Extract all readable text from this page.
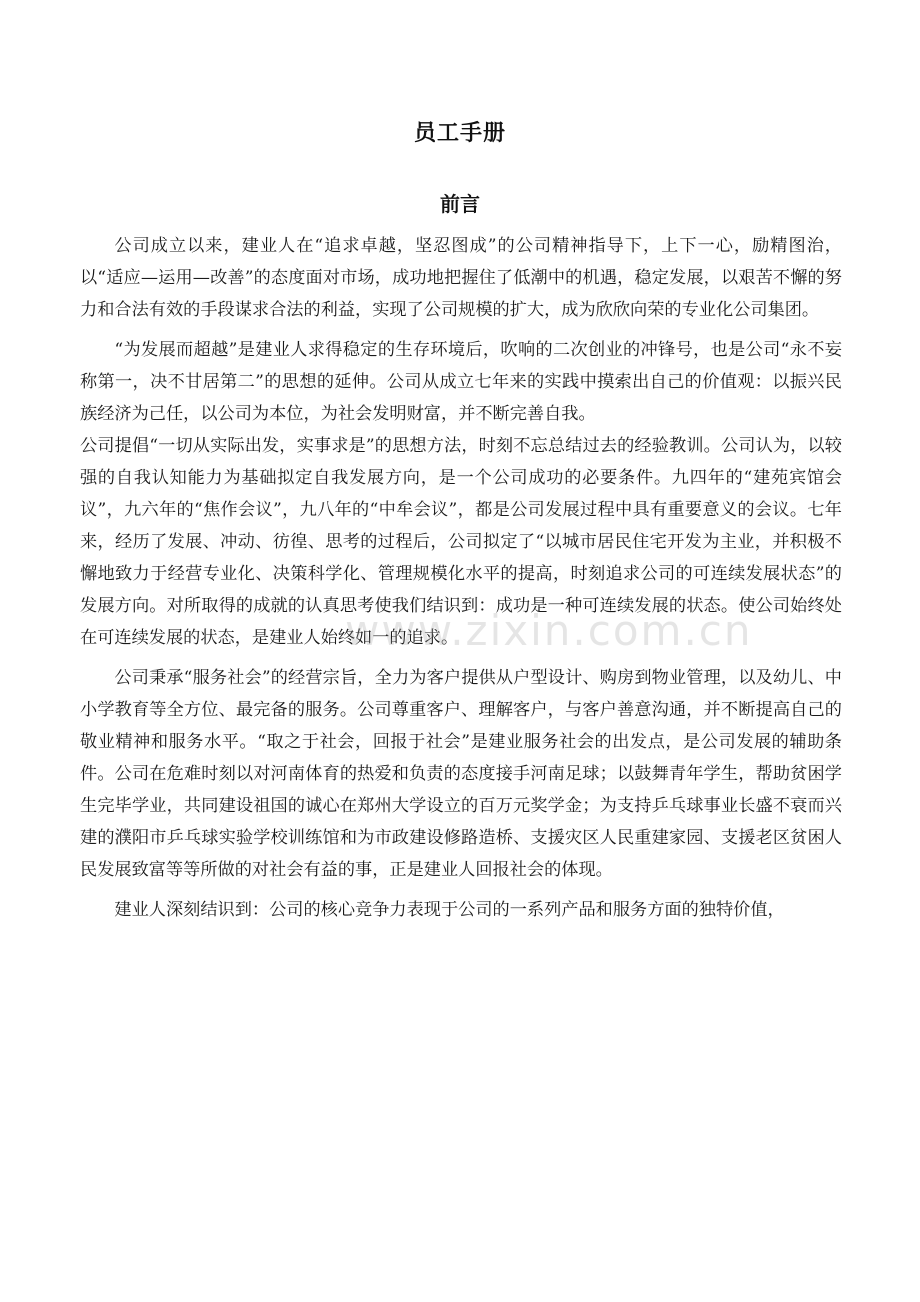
员工手册
前言

公司成立以来，建业人在“追求卓越，坚忍图成”的公司精神指导下，上下一心，励精图治，以“适应—运用—改善”的态度面对市场，成功地把握住了低潮中的机遇，稳定发展，以艰苦不懈的努力和合法有效的手段谋求合法的利益，实现了公司规模的扩大，成为欣欣向荣的专业化公司集团。

“为发展而超越”是建业人求得稳定的生存环境后，吹响的二次创业的冲锋号，也是公司“永不妄称第一，决不甘居第二”的思想的延伸。公司从成立七年来的实践中摸索出自己的价值观：以振兴民族经济为己任，以公司为本位，为社会发明财富，并不断完善自我。

公司提倡“一切从实际出发，实事求是”的思想方法，时刻不忘总结过去的经验教训。公司认为，以较强的自我认知能力为基础拟定自我发展方向，是一个公司成功的必要条件。九四年的“建苑宾馆会议”，九六年的“焦作会议”，九八年的“中牟会议”，都是公司发展过程中具有重要意义的会议。七年来，经历了发展、冲动、彷徨、思考的过程后，公司拟定了“以城市居民住宅开发为主业，并积极不懈地致力于经营专业化、决策科学化、管理规模化水平的提高，时刻追求公司的可连续发展状态”的发展方向。对所取得的成就的认真思考使我们结识到：成功是一种可连续发展的状态。使公司始终处在可连续发展的状态，是建业人始终如一的追求。

公司秉承“服务社会”的经营宗旨，全力为客户提供从户型设计、购房到物业管理，以及幼儿、中小学教育等全方位、最完备的服务。公司尊重客户、理解客户，与客户善意沟通，并不断提高自己的敬业精神和服务水平。“取之于社会，回报于社会”是建业服务社会的出发点，是公司发展的辅助条件。公司在危难时刻以对河南体育的热爱和负责的态度接手河南足球；以鼓舞青年学生，帮助贫困学生完毕学业，共同建设祖国的诚心在郑州大学设立的百万元奖学金；为支持乒乓球事业长盛不衰而兴建的濮阳市乒乓球实验学校训练馆和为市政建设修路造桥、支援灾区人民重建家园、支援老区贫困人民发展致富等等所做的对社会有益的事，正是建业人回报社会的体现。

建业人深刻结识到：公司的核心竞争力表现于公司的一系列产品和服务方面的独特价值，

www.zixin.com.cn
